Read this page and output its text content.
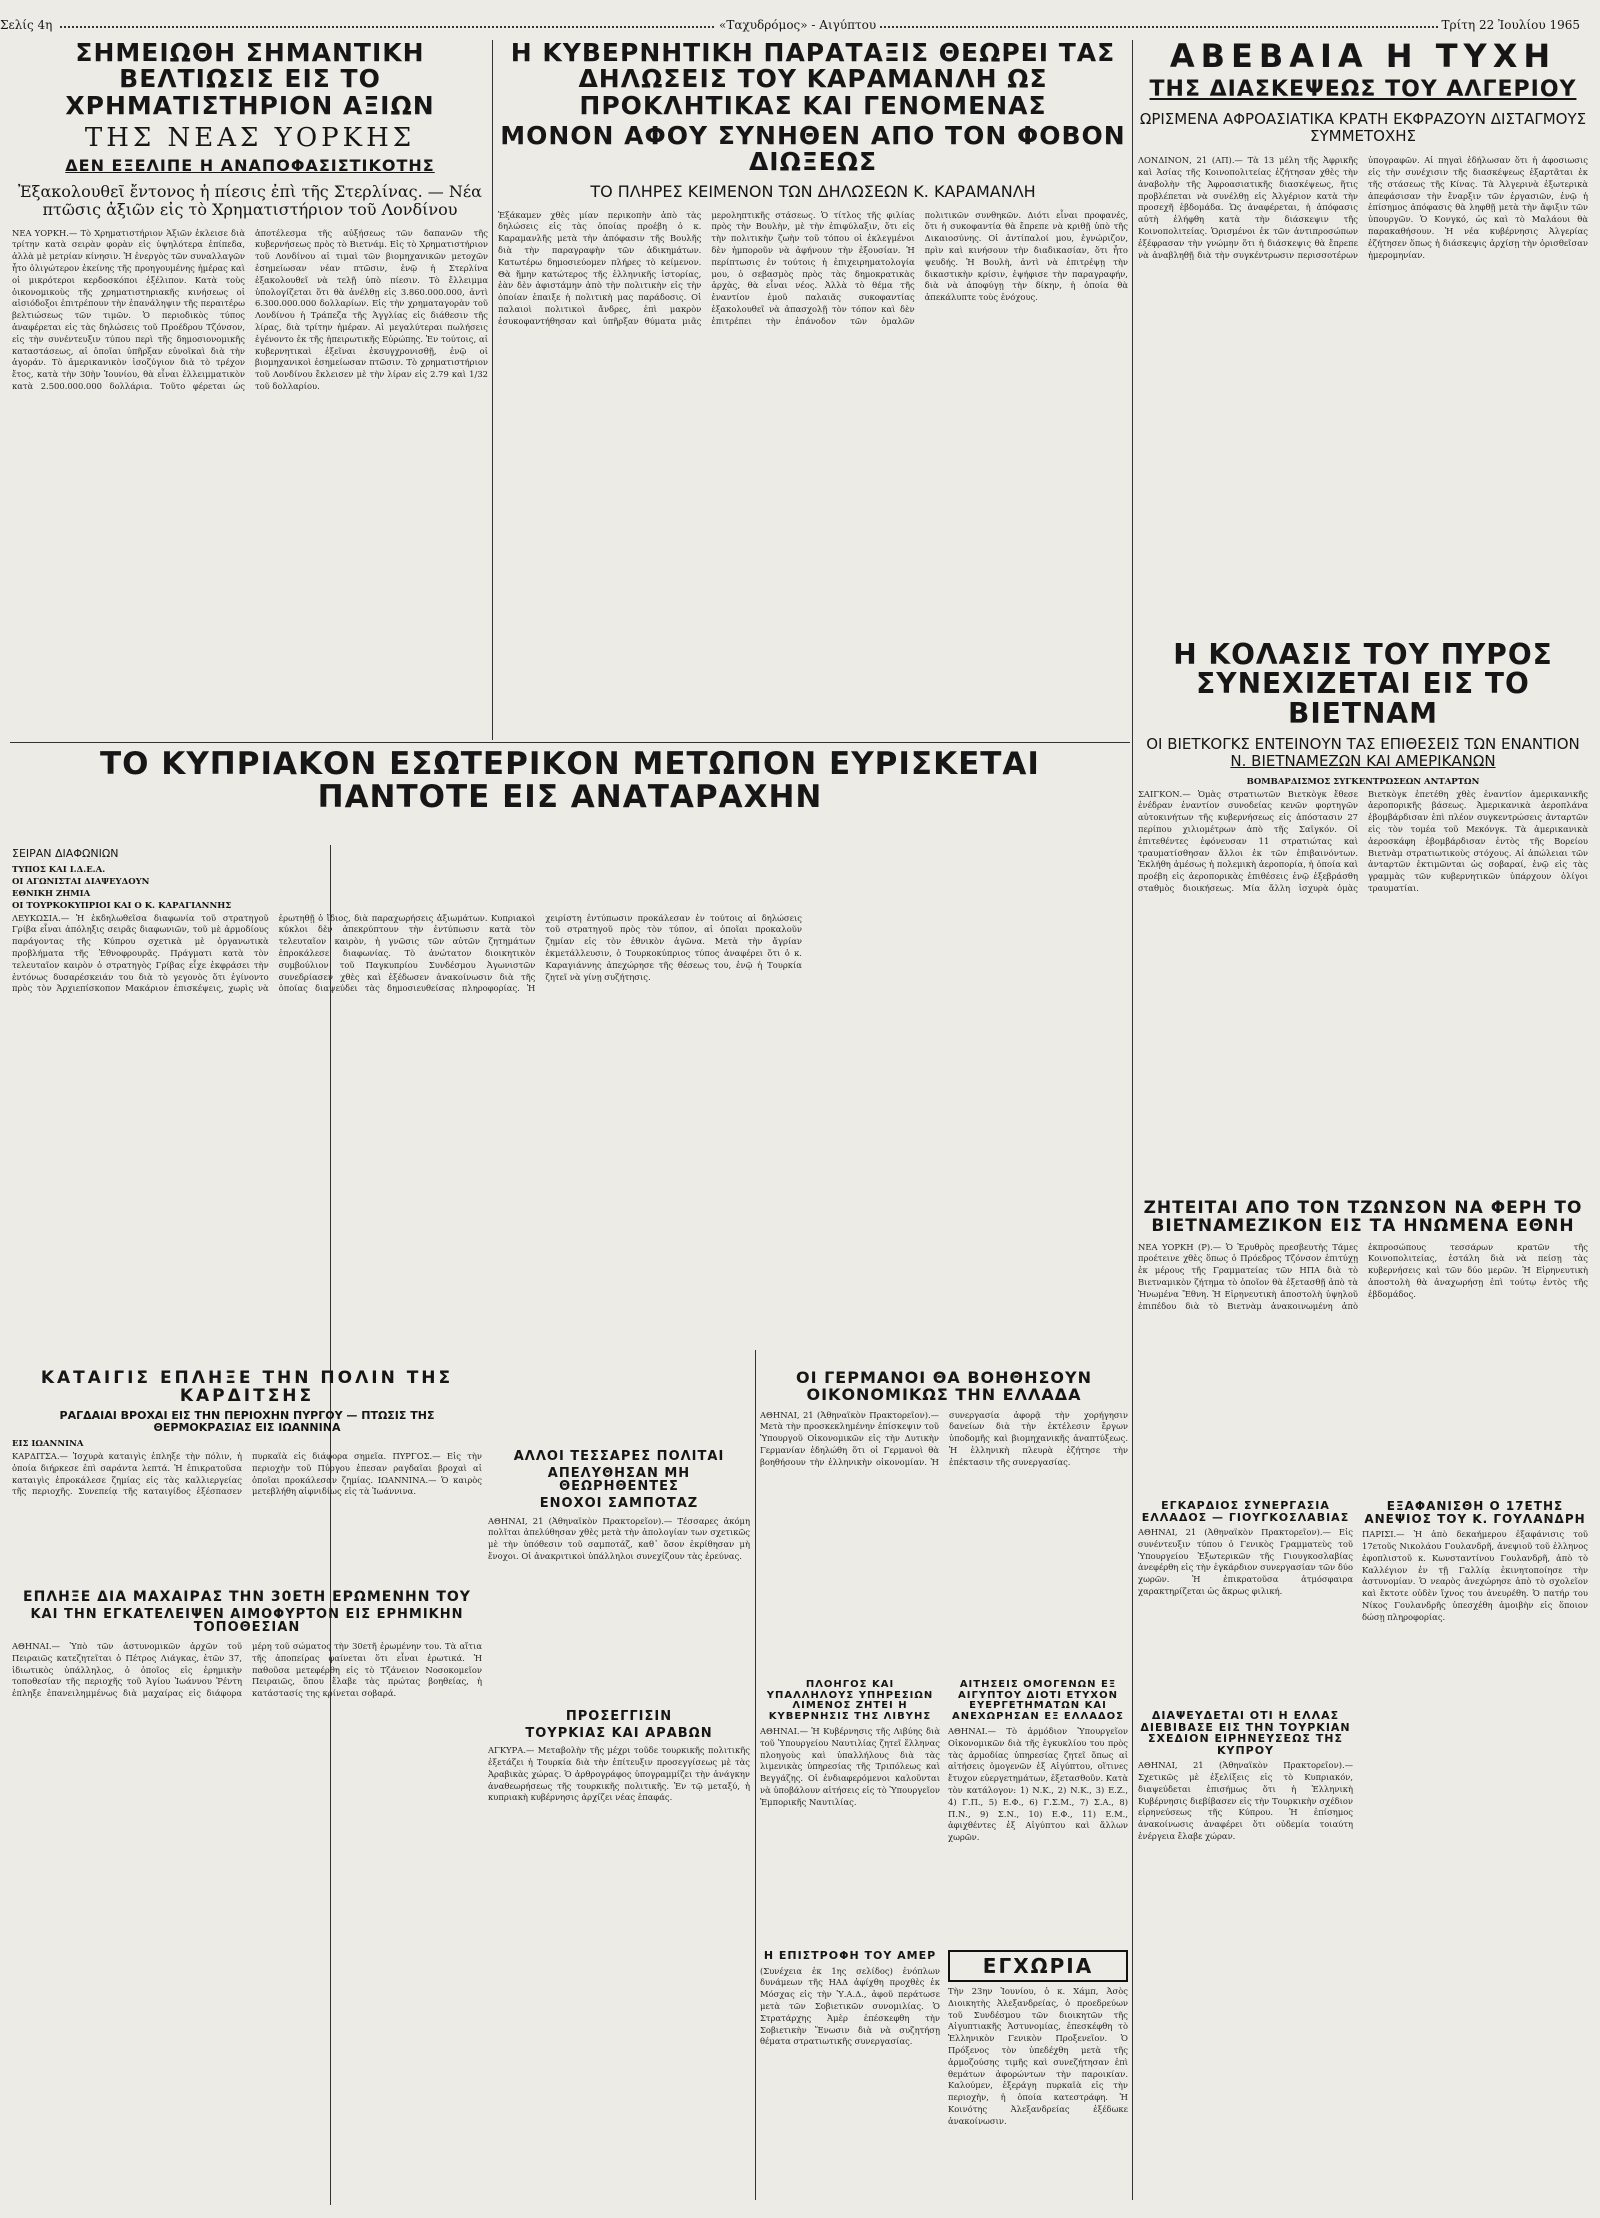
Σελίς 4η	«Ταχυδρόμος» - Αιγύπτου	Τρίτη 22 Ἰουλίου 1965

ΣΗΜΕΙΩΘΗ ΣΗΜΑΝΤΙΚΗ ΒΕΛΤΙΩΣΙΣ ΕΙΣ ΤΟ ΧΡΗΜΑΤΙΣΤΗΡΙΟΝ ΑΞΙΩΝ

ΤΗΣ ΝΕΑΣ ΥΟΡΚΗΣ

ΔΕΝ ΕΞΕΛΙΠΕ Η ΑΝΑΠΟΦΑΣΙΣΤΙΚΟΤΗΣ

Ἐξακολουθεῖ ἔντονος ἡ πίεσις ἐπὶ τῆς Στερλίνας. — Νέα πτῶσις ἀξιῶν εἰς τὸ Χρηματιστήριον τοῦ Λονδίνου

ΝΕΑ ΥΟΡΚΗ.— Τὸ Χρηματιστήριον Ἀξιῶν ἐκλεισε διὰ τρίτην κατὰ σειρὰν φορὰν εἰς ὑψηλότερα ἐπίπεδα, ἀλλὰ μὲ μετρίαν κίνησιν. Ἡ ἐνεργὸς τῶν συναλλαγῶν ἦτο ὁλιγώτερον ἐκείνης τῆς προηγουμένης ἡμέρας καὶ οἱ μικρότεροι κερδοσκόποι ἐξέλιπον. Κατὰ τοὺς ὀικονομικοὺς τῆς χρηματιστηριακῆς κινήσεως οἱ αἰσιόδοξοι ἐπιτρέπουν τὴν ἐπανάληψιν τῆς περαιτέρω βελτιώσεως τῶν τιμῶν. Ὁ περιοδικὸς τύπος ἀναφέρεται εἰς τὰς δηλώσεις τοῦ Προέδρου Τζόνσον, εἰς τὴν συνέντευξιν τύπου περὶ τῆς δημοσιονομικῆς καταστάσεως, αἱ ὁποῖαι ὑπῆρξαν εὐνοϊκαὶ διὰ τὴν ἀγοράν. Τὸ ἀμερικανικὸν ἰσοζύγιον διὰ τὸ τρέχον ἔτος, κατὰ τὴν 30ὴν Ἰουνίου, θὰ εἶναι ἐλλειμματικὸν κατὰ 2.500.000.000 δολλάρια. Τοῦτο φέρεται ὡς ἀποτέλεσμα τῆς αὐξήσεως τῶν δαπανῶν τῆς κυβερνήσεως πρὸς τὸ Βιετνάμ. Εἰς τὸ Χρηματιστήριον τοῦ Λονδίνου αἱ τιμαὶ τῶν βιομηχανικῶν μετοχῶν ἐσημείωσαν νέαν πτῶσιν, ἐνῷ ἡ Στερλίνα ἐξακολουθεῖ νὰ τελῇ ὑπὸ πίεσιν. Τὸ ἔλλειμμα ὑπολογίζεται ὅτι θὰ ἀνέλθῃ εἰς 3.860.000.000, ἀντὶ 6.300.000.000 δολλαρίων. Εἰς τὴν χρηματαγορὰν τοῦ Λονδίνου ἡ Τράπεζα τῆς Ἀγγλίας εἰς διάθεσιν τῆς λίρας, διὰ τρίτην ἡμέραν. Αἱ μεγαλύτεραι πωλήσεις ἐγένοντο ἐκ τῆς ἠπειρωτικῆς Εὐρώπης. Ἐν τούτοις, αἱ κυβερνητικαὶ ἐξεῖναι ἐκσυγχρονισθῇ, ἐνῷ οἱ βιομηχανικοὶ ἐσημείωσαν πτῶσιν. Τὸ χρηματιστήριον τοῦ Λονδίνου ἔκλεισεν μὲ τὴν λίραν εἰς 2.79 καὶ 1/32 τοῦ δολλαρίου.

Η ΚΥΒΕΡΝΗΤΙΚΗ ΠΑΡΑΤΑΞΙΣ ΘΕΩΡΕΙ ΤΑΣ ΔΗΛΩΣΕΙΣ ΤΟΥ ΚΑΡΑΜΑΝΛΗ ΩΣ ΠΡΟΚΛΗΤΙΚΑΣ ΚΑΙ ΓΕΝΟΜΕΝΑΣ

ΜΟΝΟΝ ΑΦΟΥ ΣΥΝΗΘΕΝ ΑΠΟ ΤΟΝ ΦΟΒΟΝ ΔΙΩΞΕΩΣ

ΤΟ ΠΛΗΡΕΣ ΚΕΙΜΕΝΟΝ ΤΩΝ ΔΗΛΩΣΕΩΝ Κ. ΚΑΡΑΜΑΝΛΗ

Ἐξάκαμεν χθὲς μίαν περικοπὴν ἀπὸ τὰς δηλώσεις εἰς τὰς ὁποίας προέβη ὁ κ. Καραμανλῆς μετὰ τὴν ἀπόφασιν τῆς Βουλῆς διὰ τὴν παραγραφὴν τῶν ἀδικημάτων. Κατωτέρω δημοσιεύομεν πλήρες τὸ κείμενον. Θὰ ἤμην κατώτερος τῆς ἑλληνικῆς ἱστορίας, ἐὰν δὲν ἀφιστάμην ἀπὸ τὴν πολιτικὴν εἰς τὴν ὁποίαν ἐπαιξε ἡ πολιτικὴ μας παράδοσις. Οἱ παλαιοὶ πολιτικοὶ ἄνδρες, ἐπὶ μακρὸν ἐσυκοφαντήθησαν καὶ ὑπῆρξαν θύματα μιᾶς μεροληπτικῆς στάσεως. Ὁ τίτλος τῆς φιλίας πρὸς τὴν Βουλὴν, μὲ τὴν ἐπιφύλαξιν, ὅτι εἰς τὴν πολιτικὴν ζωὴν τοῦ τόπου οἱ ἐκλεγμένοι δὲν ἠμποροῦν νὰ ἀφήνουν τὴν ἐξουσίαν. Ἡ περίπτωσις ἐν τούτοις ἡ ἐπιχειρηματολογία μου, ὁ σεβασμὸς πρὸς τὰς δημοκρατικὰς ἀρχὰς, θὰ εἶναι νέος. Ἀλλὰ τὸ θέμα τῆς ἐναντίον ἐμοῦ παλαιᾶς συκοφαντίας ἐξακολουθεῖ νὰ ἀπασχολῇ τὸν τόπον καὶ δὲν ἐπιτρέπει τὴν ἐπάνοδον τῶν ὁμαλῶν πολιτικῶν συνθηκῶν. Διότι εἶναι προφανές, ὅτι ἡ συκοφαντία θὰ ἔπρεπε νὰ κριθῇ ὑπὸ τῆς Δικαιοσύνης. Οἱ ἀντίπαλοί μου, ἐγνώριζον, πρὶν καὶ κινήσουν τὴν διαδικασίαν, ὅτι ἦτο ψευδής. Ἡ Βουλὴ, ἀντὶ νὰ ἐπιτρέψῃ τὴν δικαστικὴν κρίσιν, ἐψήφισε τὴν παραγραφήν, διὰ νὰ ἀποφύγῃ τὴν δίκην, ἡ ὁποία θὰ ἀπεκάλυπτε τοὺς ἐνόχους.

ΑΒΕΒΑΙΑ Η ΤΥΧΗ

ΤΗΣ ΔΙΑΣΚΕΨΕΩΣ ΤΟΥ ΑΛΓΕΡΙΟΥ

ΩΡΙΣΜΕΝΑ ΑΦΡΟΑΣΙΑΤΙΚΑ ΚΡΑΤΗ ΕΚΦΡΑΖΟΥΝ ΔΙΣΤΑΓΜΟΥΣ ΣΥΜΜΕΤΟΧΗΣ

ΛΟΝΔΙΝΟΝ, 21 (ΑΠ).— Τὰ 13 μέλη τῆς Ἀφρικῆς καὶ Ἀσίας τῆς Κοινοπολιτείας ἐζήτησαν χθὲς τὴν ἀναβολὴν τῆς Ἀφροασιατικῆς διασκέψεως, ἥτις προβλέπεται νὰ συνέλθῃ εἰς Ἀλγέριον κατὰ τὴν προσεχῆ ἑβδομάδα. Ὡς ἀναφέρεται, ἡ ἀπόφασις αὐτὴ ἐλήφθη κατὰ τὴν διάσκεψιν τῆς Κοινοπολιτείας. Ὁρισμένοι ἐκ τῶν ἀντιπροσώπων ἐξέφρασαν τὴν γνώμην ὅτι ἡ διάσκεψις θὰ ἔπρεπε νὰ ἀναβληθῇ διὰ τὴν συγκέντρωσιν περισσοτέρων ὑπογραφῶν. Αἱ πηγαὶ ἐδήλωσαν ὅτι ἡ ἀφοσιωσις εἰς τὴν συνέχισιν τῆς διασκέψεως ἐξαρτᾶται ἐκ τῆς στάσεως τῆς Κίνας. Τὰ Ἀλγερινὰ ἐξωτερικὰ ἀπεφάσισαν τὴν ἔναρξιν τῶν ἐργασιῶν, ἐνῷ ἡ ἐπίσημος ἀπόφασις θὰ ληφθῇ μετὰ τὴν ἄφιξιν τῶν ὑπουργῶν. Ὁ Κονγκό, ὡς καὶ τὸ Μαλάουι θὰ παρακαθήσουν. Ἡ νέα κυβέρνησις Ἀλγερίας ἐζήτησεν ὅπως ἡ διάσκεψις ἀρχίσῃ τὴν ὁρισθεῖσαν ἡμερομηνίαν.

ΤΟ ΚΥΠΡΙΑΚΟΝ ΕΣΩΤΕΡΙΚΟΝ ΜΕΤΩΠΟΝ ΕΥΡΙΣΚΕΤΑΙ ΠΑΝΤΟΤΕ ΕΙΣ ΑΝΑΤΑΡΑΧΗΝ

ΣΕΙΡΑΝ ΔΙΑΦΩΝΙΩΝ

ΤΥΠΟΣ ΚΑΙ Ι.Δ.Ε.Α.

ΟΙ ΑΓΩΝΙΣΤΑΙ ΔΙΑΨΕΥΔΟΥΝ

ΕΘΝΙΚΗ ΖΗΜΙΑ

ΟΙ ΤΟΥΡΚΟΚΥΠΡΙΟΙ ΚΑΙ Ο Κ. ΚΑΡΑΓΙΑΝΝΗΣ

ΛΕΥΚΩΣΙΑ.— Ἡ ἐκδηλωθεῖσα διαφωνία τοῦ στρατηγοῦ Γρίβα εἶναι ἀπόληξις σειρᾶς διαφωνιῶν, τοῦ μὲ ἀρμοδίους παράγοντας τῆς Κύπρου σχετικὰ μὲ ὀργανωτικὰ προβλήματα τῆς Ἐθνοφρουρᾶς. Πράγματι κατὰ τὸν τελευταῖον καιρὸν ὁ στρατηγὸς Γρίβας εἶχε ἐκφράσει τὴν ἐντόνως δυσαρέσκειάν του διὰ τὸ γεγονὸς ὅτι ἐγίνοντο πρὸς τὸν Ἀρχιεπίσκοπον Μακάριον ἐπισκέψεις, χωρὶς νὰ ἐρωτηθῇ ὁ ἴδιος, διὰ παραχωρήσεις ἀξιωμάτων. Κυπριακοὶ κύκλοι δὲν ἀπεκρύπτουν τὴν ἐντύπωσιν κατὰ τὸν τελευταῖον καιρὸν, ἡ γνῶσις τῶν αὐτῶν ζητημάτων ἐπροκάλεσε διαφωνίας. Τὸ ἀνώτατον διοικητικὸν συμβούλιον τοῦ Παγκυπρίου Συνδέσμου Ἀγωνιστῶν συνεδρίασεν χθὲς καὶ ἐξέδωσεν ἀνακοίνωσιν διὰ τῆς ὁποίας διαψεύδει τὰς δημοσιευθείσας πληροφορίας. Ἡ χειρίστη ἐντύπωσιν προκάλεσαν ἐν τούτοις αἱ δηλώσεις τοῦ στρατηγοῦ πρὸς τὸν τύπον, αἱ ὁποῖαι προκαλοῦν ζημίαν εἰς τὸν ἐθνικὸν ἀγῶνα. Μετὰ τὴν ἄγρίαν ἐκμετάλλευσιν, ὁ Τουρκοκύπριος τύπος ἀναφέρει ὅτι ὁ κ. Καραγιάννης ἀπεχώρησε τῆς θέσεως του, ἐνῷ ἡ Τουρκία ζητεῖ νὰ γίνῃ συζήτησις.

Η ΚΟΛΑΣΙΣ ΤΟΥ ΠΥΡΟΣ ΣΥΝΕΧΙΖΕΤΑΙ ΕΙΣ ΤΟ ΒΙΕΤΝΑΜ

ΟΙ ΒΙΕΤΚΟΓΚΣ ΕΝΤΕΙΝΟΥΝ ΤΑΣ ΕΠΙΘΕΣΕΙΣ ΤΩΝ ΕΝΑΝΤΙΟΝ

Ν. ΒΙΕΤΝΑΜΕΖΩΝ ΚΑΙ ΑΜΕΡΙΚΑΝΩΝ

ΒΟΜΒΑΡΔΙΣΜΟΣ ΣΥΓΚΕΝΤΡΩΣΕΩΝ ΑΝΤΑΡΤΩΝ

ΣΑΙΓΚΟΝ.— Ὁμὰς στρατιωτῶν Βιετκὸγκ ἔθεσε ἐνέδραν ἐναντίον συνοδείας κενῶν φορτηγῶν αὐτοκινήτων τῆς κυβερνήσεως εἰς ἀπόστασιν 27 περίπου χιλιομέτρων ἀπὸ τῆς Σαϊγκόν. Οἱ ἐπιτεθέντες ἐφόνευσαν 11 στρατιώτας καὶ τραυματίσθησαν ἄλλοι ἐκ τῶν ἐπιβαινόντων. Ἐκλήθη ἀμέσως ἡ πολεμικὴ ἀεροπορία, ἡ ὁποία καὶ προέβη εἰς ἀεροπορικὰς ἐπιθέσεις ἐνῷ ἐξεβράσθη σταθμὸς διοικήσεως. Μία ἄλλη ἰσχυρὰ ὁμὰς Βιετκὸγκ ἐπετέθη χθὲς ἐναντίον ἀμερικανικῆς ἀεροπορικῆς βάσεως. Ἀμερικανικὰ ἀεροπλάνα ἐβομβάρδισαν ἐπὶ πλέον συγκεντρώσεις ἀνταρτῶν εἰς τὸν τομέα τοῦ Μεκόνγκ. Τὰ ἀμερικανικὰ ἀεροσκάφη ἐβομβάρδισαν ἐντὸς τῆς Βορείου Βιετνὰμ στρατιωτικοὺς στόχους. Αἱ ἀπώλειαι τῶν ἀνταρτῶν ἐκτιμῶνται ὡς σοβαραί, ἐνῷ εἰς τὰς γραμμὰς τῶν κυβερνητικῶν ὑπάρχουν ὀλίγοι τραυματίαι.

ΖΗΤΕΙΤΑΙ ΑΠΟ ΤΟΝ ΤΖΩΝΣΟΝ ΝΑ ΦΕΡΗ ΤΟ ΒΙΕΤΝΑΜΕΖΙΚΟΝ ΕΙΣ ΤΑ ΗΝΩΜΕΝΑ ΕΘΝΗ

ΝΕΑ ΥΟΡΚΗ (Ρ).— Ὁ Ἐρυθρὸς πρεσβευτὴς Τάμες προέτεινε χθὲς ὅπως ὁ Πρόεδρος Τζόνσον ἐπιτύχῃ ἐκ μέρους τῆς Γραμματείας τῶν ΗΠΑ διὰ τὸ Βιετναμικὸν ζήτημα τὸ ὁποῖον θὰ ἐξετασθῇ ἀπὸ τὰ Ἡνωμένα Ἔθνη. Ἡ Εἰρηνευτικὴ ἀποστολὴ ὑψηλοῦ ἐπιπέδου διὰ τὸ Βιετνὰμ ἀνακοινωμένη ἀπὸ ἐκπροσώπους τεσσάρων κρατῶν τῆς Κοινοπολιτείας, ἐστάλη διὰ νὰ πείσῃ τὰς κυβερνήσεις καὶ τῶν δύο μερῶν. Ἡ Εἰρηνευτικὴ ἀποστολὴ θὰ ἀναχωρήσῃ ἐπὶ τούτῳ ἐντὸς τῆς ἑβδομάδος.

ΚΑΤΑΙΓΙΣ ΕΠΛΗΞΕ ΤΗΝ ΠΟΛΙΝ ΤΗΣ ΚΑΡΔΙΤΣΗΣ

ΡΑΓΔΑΙΑΙ ΒΡΟΧΑΙ ΕΙΣ ΤΗΝ ΠΕΡΙΟΧΗΝ ΠΥΡΓΟΥ — ΠΤΩΣΙΣ ΤΗΣ ΘΕΡΜΟΚΡΑΣΙΑΣ ΕΙΣ ΙΩΑΝΝΙΝΑ

ΕΙΣ ΙΩΑΝΝΙΝΑ

ΚΑΡΔΙΤΣΑ.— Ἰσχυρὰ καταιγὶς ἐπληξε τὴν πόλιν, ἡ ὁποία διήρκεσε ἐπὶ σαράντα λεπτά. Ἡ ἐπικρατοῦσα καταιγὶς ἐπροκάλεσε ζημίας εἰς τὰς καλλιεργείας τῆς περιοχῆς. Συνεπείᾳ τῆς καταιγίδος ἐξέσπασεν πυρκαϊὰ εἰς διάφορα σημεῖα. ΠΥΡΓΟΣ.— Εἰς τὴν περιοχὴν τοῦ Πύργου ἐπεσαν ραγδαῖαι βροχαὶ αἱ ὁποῖαι προκάλεσαν ζημίας. ΙΩΑΝΝΙΝΑ.— Ὁ καιρὸς μετεβλήθη αἰφνιδίως εἰς τὰ Ἰωάννινα.

ΕΠΛΗΞΕ ΔΙΑ ΜΑΧΑΙΡΑΣ ΤΗΝ 30ΕΤΗ ΕΡΩΜΕΝΗΝ ΤΟΥ

ΚΑΙ ΤΗΝ ΕΓΚΑΤΕΛΕΙΨΕΝ ΑΙΜΟΦΥΡΤΟΝ ΕΙΣ ΕΡΗΜΙΚΗΝ ΤΟΠΟΘΕΣΙΑΝ

ΑΘΗΝΑΙ.— Ὑπὸ τῶν ἀστυνομικῶν ἀρχῶν τοῦ Πειραιῶς κατεζητεῖται ὁ Πέτρος Λιάγκας, ἐτῶν 37, ἰδιωτικὸς ὑπάλληλος, ὁ ὁποῖος εἰς ἐρημικὴν τοποθεσίαν τῆς περιοχῆς τοῦ Ἁγίου Ἰωάννου Ῥέντη ἐπληξε ἐπανειλημμένως διὰ μαχαίρας εἰς διάφορα μέρη τοῦ σώματος τὴν 30ετῆ ἐρωμένην του. Τὰ αἴτια τῆς ἀποπείρας φαίνεται ὅτι εἶναι ἐρωτικά. Ἡ παθοῦσα μετεφέρθη εἰς τὸ Τζάνειον Νοσοκομεῖον Πειραιῶς, ὅπου ἔλαβε τὰς πρώτας βοηθείας, ἡ κατάστασίς της κρίνεται σοβαρά.

ΑΛΛΟΙ ΤΕΣΣΑΡΕΣ ΠΟΛΙΤΑΙ

ΑΠΕΛΥΘΗΣΑΝ ΜΗ ΘΕΩΡΗΘΕΝΤΕΣ

ΕΝΟΧΟΙ ΣΑΜΠΟΤΑΖ

ΑΘΗΝΑΙ, 21 (Ἀθηναϊκὸν Πρακτορεῖον).— Τέσσαρες ἀκόμη πολῖται ἀπελύθησαν χθὲς μετὰ τὴν ἀπολογίαν των σχετικῶς μὲ τὴν ὑπόθεσιν τοῦ σαμποτάζ, καθ᾽ ὅσον ἐκρίθησαν μὴ ἔνοχοι. Οἱ ἀνακριτικοὶ ὑπάλληλοι συνεχίζουν τὰς ἐρεύνας.

ΠΡΟΣΕΓΓΙΣΙΝ

ΤΟΥΡΚΙΑΣ ΚΑΙ ΑΡΑΒΩΝ

ΑΓΚΥΡΑ.— Μεταβολὴν τῆς μέχρι τοῦδε τουρκικῆς πολιτικῆς ἐξετάζει ἡ Τουρκία διὰ τὴν ἐπίτευξιν προσεγγίσεως μὲ τὰς Ἀραβικὰς χώρας. Ὁ ἀρθρογράφος ὑπογραμμίζει τὴν ἀνάγκην ἀναθεωρήσεως τῆς τουρκικῆς πολιτικῆς. Ἐν τῷ μεταξύ, ἡ κυπριακὴ κυβέρνησις ἀρχίζει νέας ἐπαφάς.

ΟΙ ΓΕΡΜΑΝΟΙ ΘΑ ΒΟΗΘΗΣΟΥΝ ΟΙΚΟΝΟΜΙΚΩΣ ΤΗΝ ΕΛΛΑΔΑ

ΑΘΗΝΑΙ, 21 (Ἀθηναϊκὸν Πρακτορεῖον).— Μετὰ τὴν προσκεκλημένην ἐπίσκεψιν τοῦ Ὑπουργοῦ Οἰκονομικῶν εἰς τὴν Δυτικὴν Γερμανίαν ἐδηλώθη ὅτι οἱ Γερμανοὶ θὰ βοηθήσουν τὴν ἑλληνικὴν οἰκονομίαν. Ἡ συνεργασία ἀφορᾷ τὴν χορήγησιν δανείων διὰ τὴν ἐκτέλεσιν ἔργων ὑποδομῆς καὶ βιομηχανικῆς ἀναπτύξεως. Ἡ ἑλληνικὴ πλευρὰ ἐζήτησε τὴν ἐπέκτασιν τῆς συνεργασίας.

ΠΛΟΗΓΟΣ ΚΑΙ ΥΠΑΛΛΗΛΟΥΣ ΥΠΗΡΕΣΙΩΝ ΛΙΜΕΝΟΣ ΖΗΤΕΙ Η ΚΥΒΕΡΝΗΣΙΣ ΤΗΣ ΛΙΒΥΗΣ

ΑΘΗΝΑΙ.— Ἡ Κυβέρνησις τῆς Λιβύης διὰ τοῦ Ὑπουργείου Ναυτιλίας ζητεῖ ἕλληνας πλοηγοὺς καὶ ὑπαλλήλους διὰ τὰς λιμενικὰς ὑπηρεσίας τῆς Τριπόλεως καὶ Βεγγάζης. Οἱ ἐνδιαφερόμενοι καλοῦνται νὰ ὑποβάλουν αἰτήσεις εἰς τὸ Ὑπουργεῖον Ἐμπορικῆς Ναυτιλίας.

ΑΙΤΗΣΕΙΣ ΟΜΟΓΕΝΩΝ ΕΞ ΑΙΓΥΠΤΟΥ ΔΙΟΤΙ ΕΤΥΧΟΝ ΕΥΕΡΓΕΤΗΜΑΤΩΝ ΚΑΙ ΑΝΕΧΩΡΗΣΑΝ ΕΞ ΕΛΛΑΔΟΣ

ΑΘΗΝΑΙ.— Τὸ ἀρμόδιον Ὑπουργεῖον Οἰκονομικῶν διὰ τῆς ἐγκυκλίου του πρὸς τὰς ἁρμοδίας ὑπηρεσίας ζητεῖ ὅπως αἱ αἰτήσεις ὁμογενῶν ἐξ Αἰγύπτου, οἵτινες ἔτυχον εὐεργετημάτων, ἐξετασθοῦν. Κατὰ τὸν κατάλογον: 1) Ν.Κ., 2) Ν.Κ., 3) Ε.Ζ., 4) Γ.Π., 5) Ε.Φ., 6) Γ.Σ.Μ., 7) Σ.Α., 8) Π.Ν., 9) Σ.Ν., 10) Ε.Φ., 11) Ε.Μ., ἀφιχθέντες ἐξ Αἰγύπτου καὶ ἄλλων χωρῶν.

Η ΕΠΙΣΤΡΟΦΗ ΤΟΥ ΑΜΕΡ

(Συνέχεια ἐκ 1ης σελίδος) ἐνόπλων δυνάμεων τῆς ΗΑΔ ἀφίχθη προχθὲς ἐκ Μόσχας εἰς τὴν Ὑ.Α.Δ., ἀφοῦ περάτωσε μετὰ τῶν Σοβιετικῶν συνομιλίας. Ὁ Στρατάρχης Ἀμὲρ ἐπέσκεφθη τὴν Σοβιετικὴν Ἕνωσιν διὰ νὰ συζητήσῃ θέματα στρατιωτικῆς συνεργασίας.

ΕΓΧΩΡΙΑ

Τὴν 23ην Ἰουνίου, ὁ κ. Χάμπ, Ἀσὸς Διοικητὴς Ἀλεξανδρείας, ὁ προεδρεύων τοῦ Συνδέσμου τῶν διοικητῶν τῆς Αἰγυπτιακῆς Ἀστυνομίας, ἐπεσκέφθη τὸ Ἑλληνικὸν Γενικὸν Προξενεῖον. Ὁ Πρόξενος τὸν ὑπεδέχθη μετὰ τῆς ἁρμοζούσης τιμῆς καὶ συνεζήτησαν ἐπὶ θεμάτων ἀφορώντων τὴν παροικίαν. Καλούμεν, ἐξεράγη πυρκαϊὰ εἰς τὴν περιοχὴν, ἡ ὁποία κατεστράφη. Ἡ Κοινότης Ἀλεξανδρείας ἐξέδωκε ἀνακοίνωσιν.

ΕΓΚΑΡΔΙΟΣ ΣΥΝΕΡΓΑΣΙΑ ΕΛΛΑΔΟΣ — ΓΙΟΥΓΚΟΣΛΑΒΙΑΣ

ΑΘΗΝΑΙ, 21 (Ἀθηναϊκὸν Πρακτορεῖον).— Εἰς συνέντευξιν τύπου ὁ Γενικὸς Γραμματεὺς τοῦ Ὑπουργείου Ἐξωτερικῶν τῆς Γιουγκοσλαβίας ἀνεφέρθη εἰς τὴν ἐγκάρδιον συνεργασίαν τῶν δύο χωρῶν. Ἡ ἐπικρατοῦσα ἀτμόσφαιρα χαρακτηρίζεται ὡς ἄκρως φιλική.

ΕΞΑΦΑΝΙΣΘΗ Ο 17ΕΤΗΣ ΑΝΕΨΙΟΣ ΤΟΥ Κ. ΓΟΥΛΑΝΔΡΗ

ΠΑΡΙΣΙ.— Ἡ ἀπὸ δεκαήμερου ἐξαφάνισις τοῦ 17ετοῦς Νικολάου Γουλανδρῆ, ἀνεψιοῦ τοῦ ἑλληνος ἐφοπλιστοῦ κ. Κωνσταντίνου Γουλανδρῆ, ἀπὸ τὸ Καλλέγιον ἐν τῇ Γαλλίᾳ ἐκινητοποίησε τὴν ἀστυνομίαν. Ὁ νεαρὸς ἀνεχώρησε ἀπὸ τὸ σχολεῖον καὶ ἔκτοτε οὐδὲν ἴχνος του ἀνευρέθη. Ὁ πατήρ του Νίκος Γουλανδρῆς ὑπεσχέθη ἀμοιβὴν εἰς ὅποιον δώσῃ πληροφορίας.

ΔΙΑΨΕΥΔΕΤΑΙ ΟΤΙ Η ΕΛΛΑΣ ΔΙΕΒΙΒΑΣΕ ΕΙΣ ΤΗΝ ΤΟΥΡΚΙΑΝ ΣΧΕΔΙΟΝ ΕΙΡΗΝΕΥΣΕΩΣ ΤΗΣ ΚΥΠΡΟΥ

ΑΘΗΝΑΙ, 21 (Ἀθηναϊκὸν Πρακτορεῖον).— Σχετικῶς μὲ ἐξελίξεις εἰς τὸ Κυπριακόν, διαψεύδεται ἐπισήμως ὅτι ἡ Ἑλληνικὴ Κυβέρνησις διεβίβασεν εἰς τὴν Τουρκικὴν σχέδιον εἰρηνεύσεως τῆς Κύπρου. Ἡ ἐπίσημος ἀνακοίνωσις ἀναφέρει ὅτι οὐδεμία τοιαύτη ἐνέργεια ἔλαβε χώραν.
